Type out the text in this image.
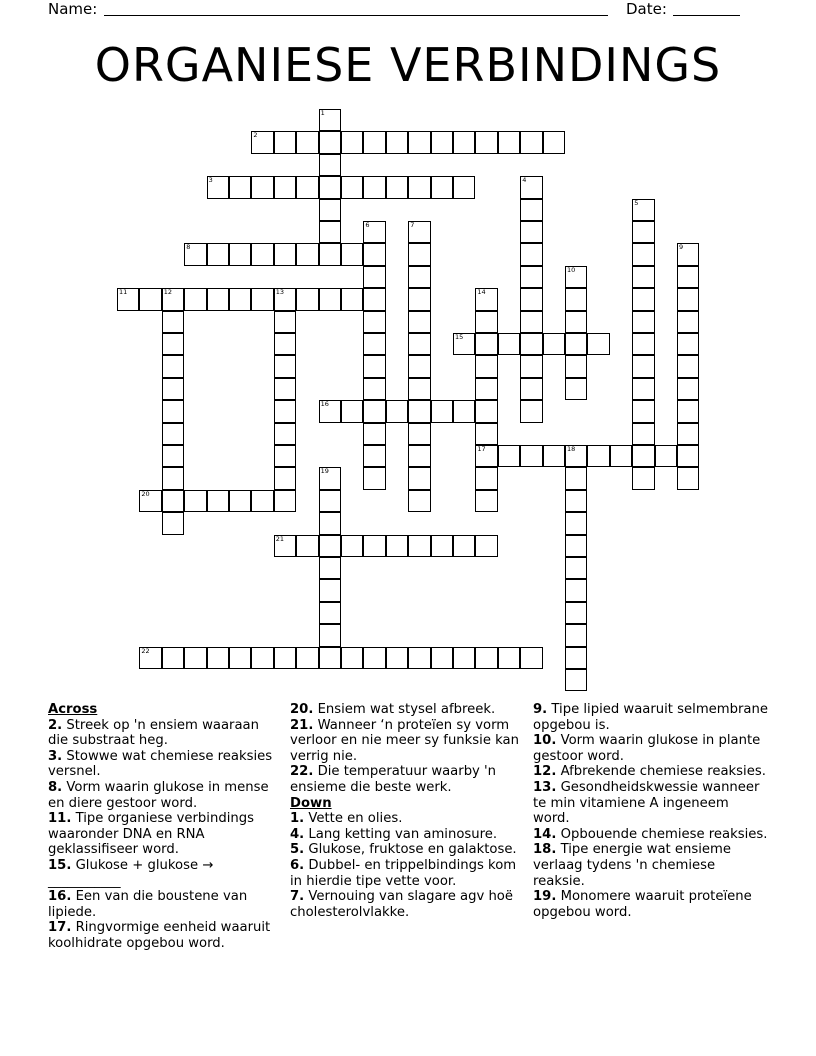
Name:	Date:
ORGANIESE VERBINDINGS
1
2
3	4
5
6	7
8	9
10
11	12	13	14
17
15
16
18
19
20
21
22
Across
2. Streek op 'n ensiem waaraan die substraat heg.
3. Stowwe wat chemiese reaksies versnel.
8. Vorm waarin glukose in mense en diere gestoor word.
11. Tipe organiese verbindings waaronder DNA en RNA geklassifiseer word.
15. Glukose + glukose → ___________
16. Een van die boustene van lipiede.
17. Ringvormige eenheid waaruit koolhidrate opgebou word.
20. Ensiem wat stysel afbreek.
21. Wanneer ‘n proteïen sy vorm verloor en nie meer sy funksie kan verrig nie.
22. Die temperatuur waarby 'n ensieme die beste werk.
Down
1. Vette en olies.
4. Lang ketting van aminosure.
5. Glukose, fruktose en galaktose.
6. Dubbel- en trippelbindings kom in hierdie tipe vette voor.
7. Vernouing van slagare agv hoë cholesterolvlakke.
9. Tipe lipied waaruit selmembrane opgebou is.
10. Vorm waarin glukose in plante gestoor word.
12. Afbrekende chemiese reaksies.
13. Gesondheidskwessie wanneer te min vitamiene A ingeneem word.
14. Opbouende chemiese reaksies.
18. Tipe energie wat ensieme verlaag tydens 'n chemiese reaksie.
19. Monomere waaruit proteïene opgebou word.
